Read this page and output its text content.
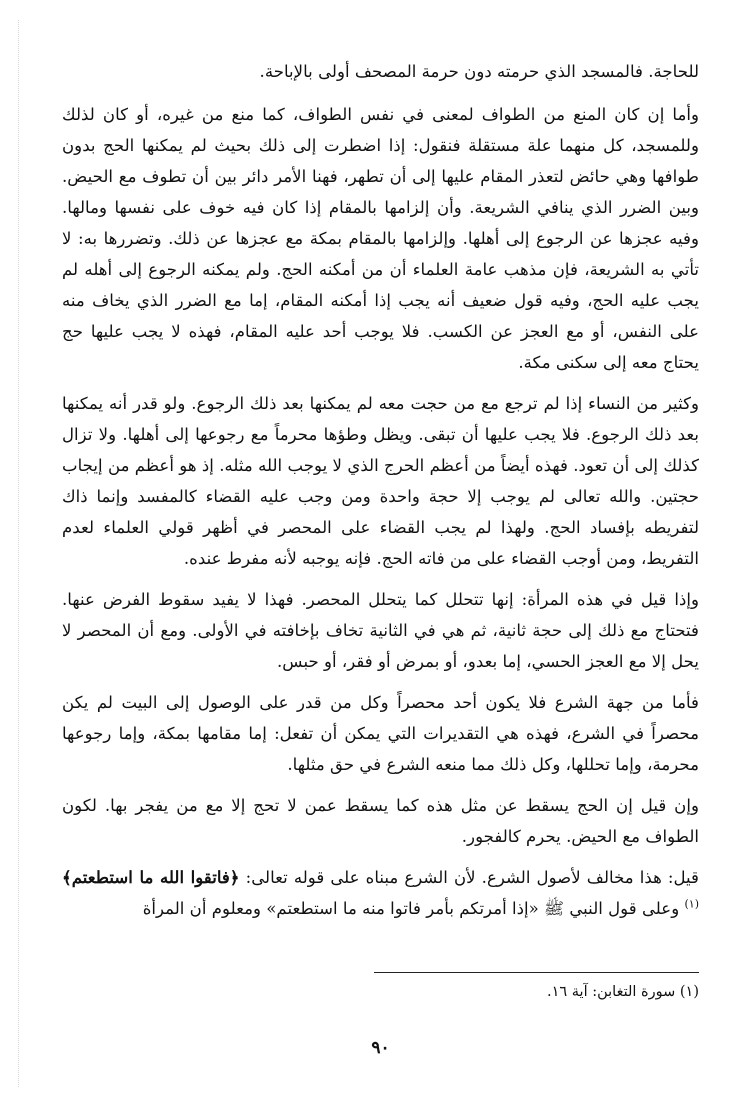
للحاجة. فالمسجد الذي حرمته دون حرمة المصحف أولى بالإباحة.

وأما إن كان المنع من الطواف لمعنى في نفس الطواف، كما منع من غيره، أو كان لذلك وللمسجد، كل منهما علة مستقلة فنقول: إذا اضطرت إلى ذلك بحيث لم يمكنها الحج بدون طوافها وهي حائض لتعذر المقام عليها إلى أن تطهر، فهنا الأمر دائر بين أن تطوف مع الحيض. وبين الضرر الذي ينافي الشريعة. وأن إلزامها بالمقام إذا كان فيه خوف على نفسها ومالها. وفيه عجزها عن الرجوع إلى أهلها. وإلزامها بالمقام بمكة مع عجزها عن ذلك. وتضررها به: لا تأتي به الشريعة، فإن مذهب عامة العلماء أن من أمكنه الحج. ولم يمكنه الرجوع إلى أهله لم يجب عليه الحج، وفيه قول ضعيف أنه يجب إذا أمكنه المقام، إما مع الضرر الذي يخاف منه على النفس، أو مع العجز عن الكسب. فلا يوجب أحد عليه المقام، فهذه لا يجب عليها حج يحتاج معه إلى سكنى مكة.

وكثير من النساء إذا لم ترجع مع من حجت معه لم يمكنها بعد ذلك الرجوع. ولو قدر أنه يمكنها بعد ذلك الرجوع. فلا يجب عليها أن تبقى. ويظل وطؤها محرماً مع رجوعها إلى أهلها. ولا تزال كذلك إلى أن تعود. فهذه أيضاً من أعظم الحرج الذي لا يوجب الله مثله. إذ هو أعظم من إيجاب حجتين. والله تعالى لم يوجب إلا حجة واحدة ومن وجب عليه القضاء كالمفسد وإنما ذاك لتفريطه بإفساد الحج. ولهذا لم يجب القضاء على المحصر في أظهر قولي العلماء لعدم التفريط، ومن أوجب القضاء على من فاته الحج. فإنه يوجبه لأنه مفرط عنده.

وإذا قيل في هذه المرأة: إنها تتحلل كما يتحلل المحصر. فهذا لا يفيد سقوط الفرض عنها. فتحتاج مع ذلك إلى حجة ثانية، ثم هي في الثانية تخاف بإخافته في الأولى. ومع أن المحصر لا يحل إلا مع العجز الحسي، إما بعدو، أو بمرض أو فقر، أو حبس.

فأما من جهة الشرع فلا يكون أحد محصراً وكل من قدر على الوصول إلى البيت لم يكن محصراً في الشرع، فهذه هي التقديرات التي يمكن أن تفعل: إما مقامها بمكة، وإما رجوعها محرمة، وإما تحللها، وكل ذلك مما منعه الشرع في حق مثلها.

وإن قيل إن الحج يسقط عن مثل هذه كما يسقط عمن لا تحج إلا مع من يفجر بها. لكون الطواف مع الحيض. يحرم كالفجور.

قيل: هذا مخالف لأصول الشرع. لأن الشرع مبناه على قوله تعالى: ﴿فاتقوا الله ما استطعتم﴾$^{(١)}$ وعلى قول النبي ﷺ «إذا أمرتكم بأمر فاتوا منه ما استطعتم» ومعلوم أن المرأة

(١) سورة التغابن: آية ١٦.

٩٠
